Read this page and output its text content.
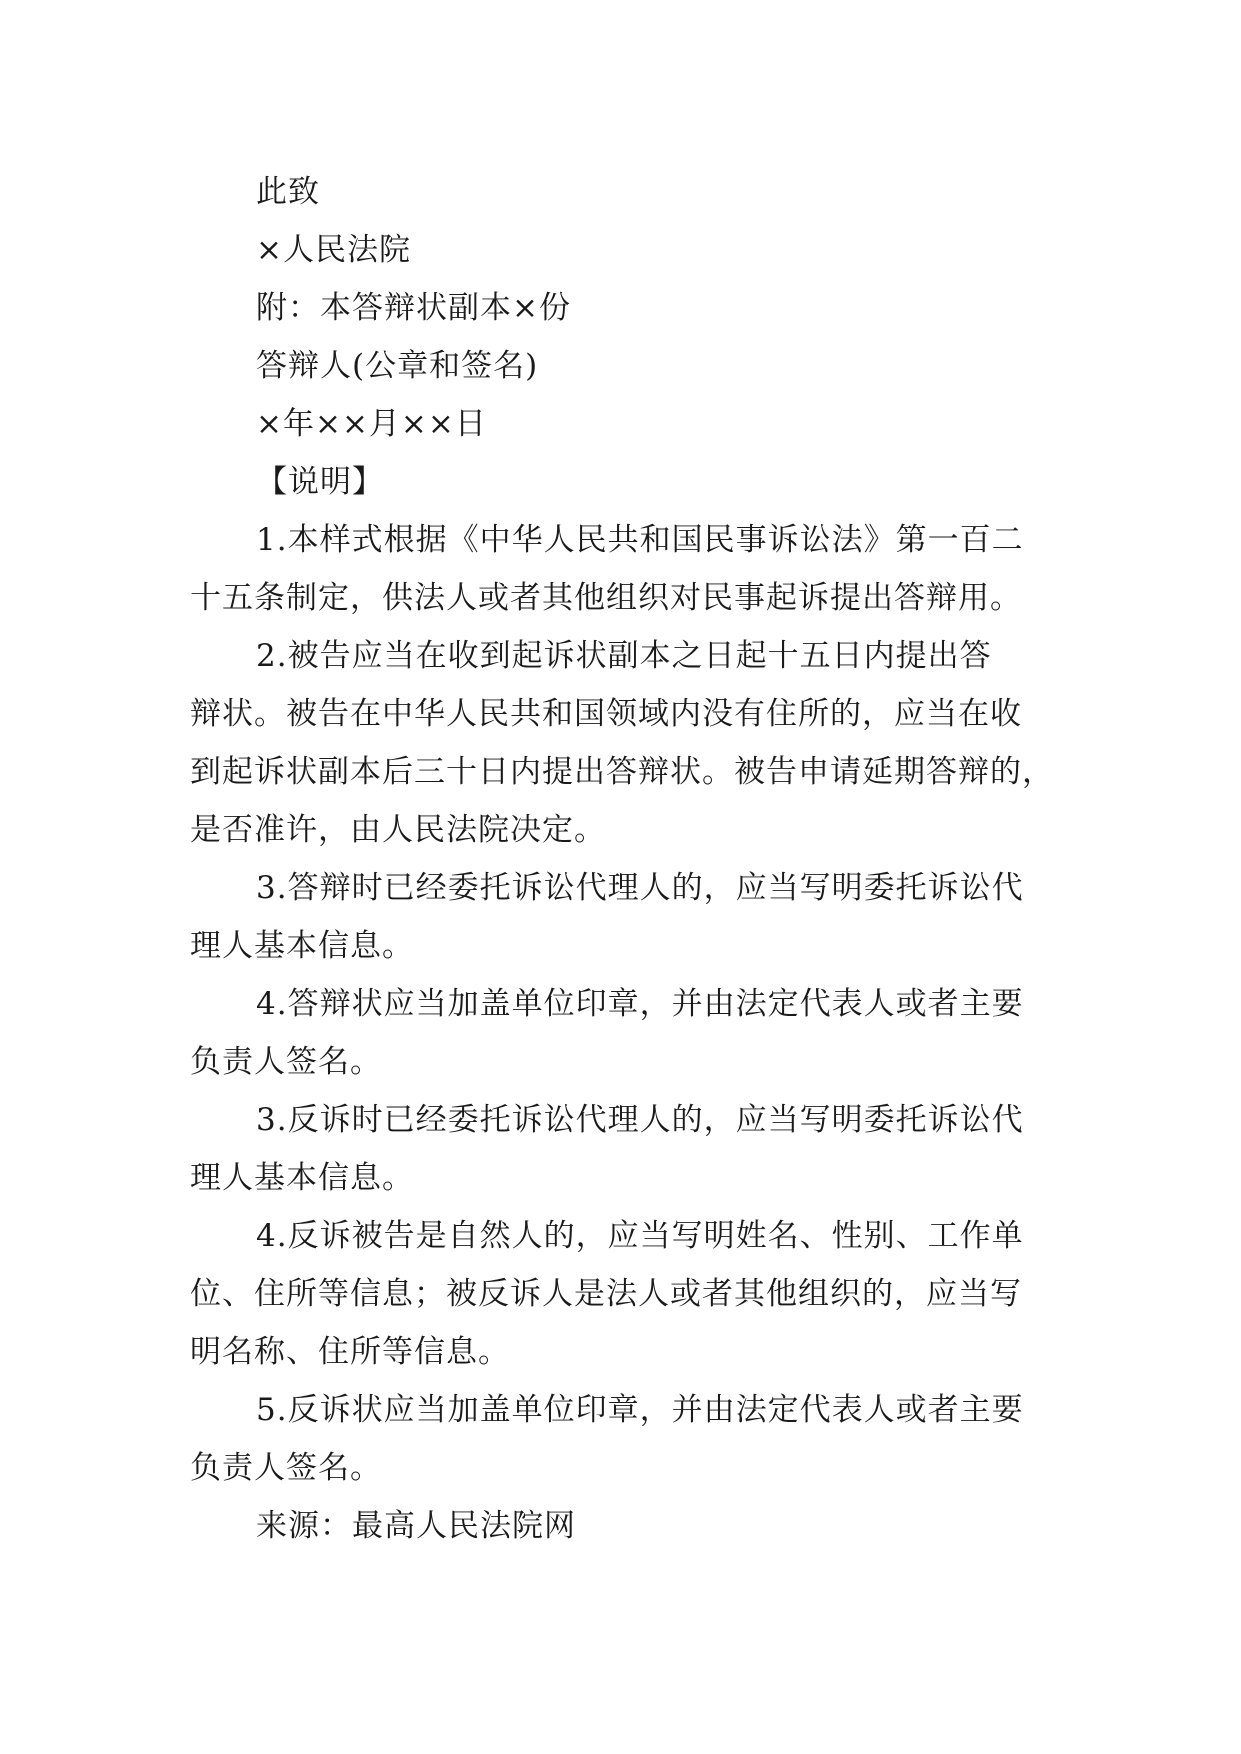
此致
×人民法院
附：本答辩状副本×份
答辩人(公章和签名)
×年××月××日
【说明】
1.本样式根据《中华人民共和国民事诉讼法》第一百二
十五条制定，供法人或者其他组织对民事起诉提出答辩用。
2.被告应当在收到起诉状副本之日起十五日内提出答
辩状。被告在中华人民共和国领域内没有住所的，应当在收
到起诉状副本后三十日内提出答辩状。被告申请延期答辩的，
是否准许，由人民法院决定。
3.答辩时已经委托诉讼代理人的，应当写明委托诉讼代
理人基本信息。
4.答辩状应当加盖单位印章，并由法定代表人或者主要
负责人签名。
3.反诉时已经委托诉讼代理人的，应当写明委托诉讼代
理人基本信息。
4.反诉被告是自然人的，应当写明姓名、性别、工作单
位、住所等信息；被反诉人是法人或者其他组织的，应当写
明名称、住所等信息。
5.反诉状应当加盖单位印章，并由法定代表人或者主要
负责人签名。
来源：最高人民法院网
